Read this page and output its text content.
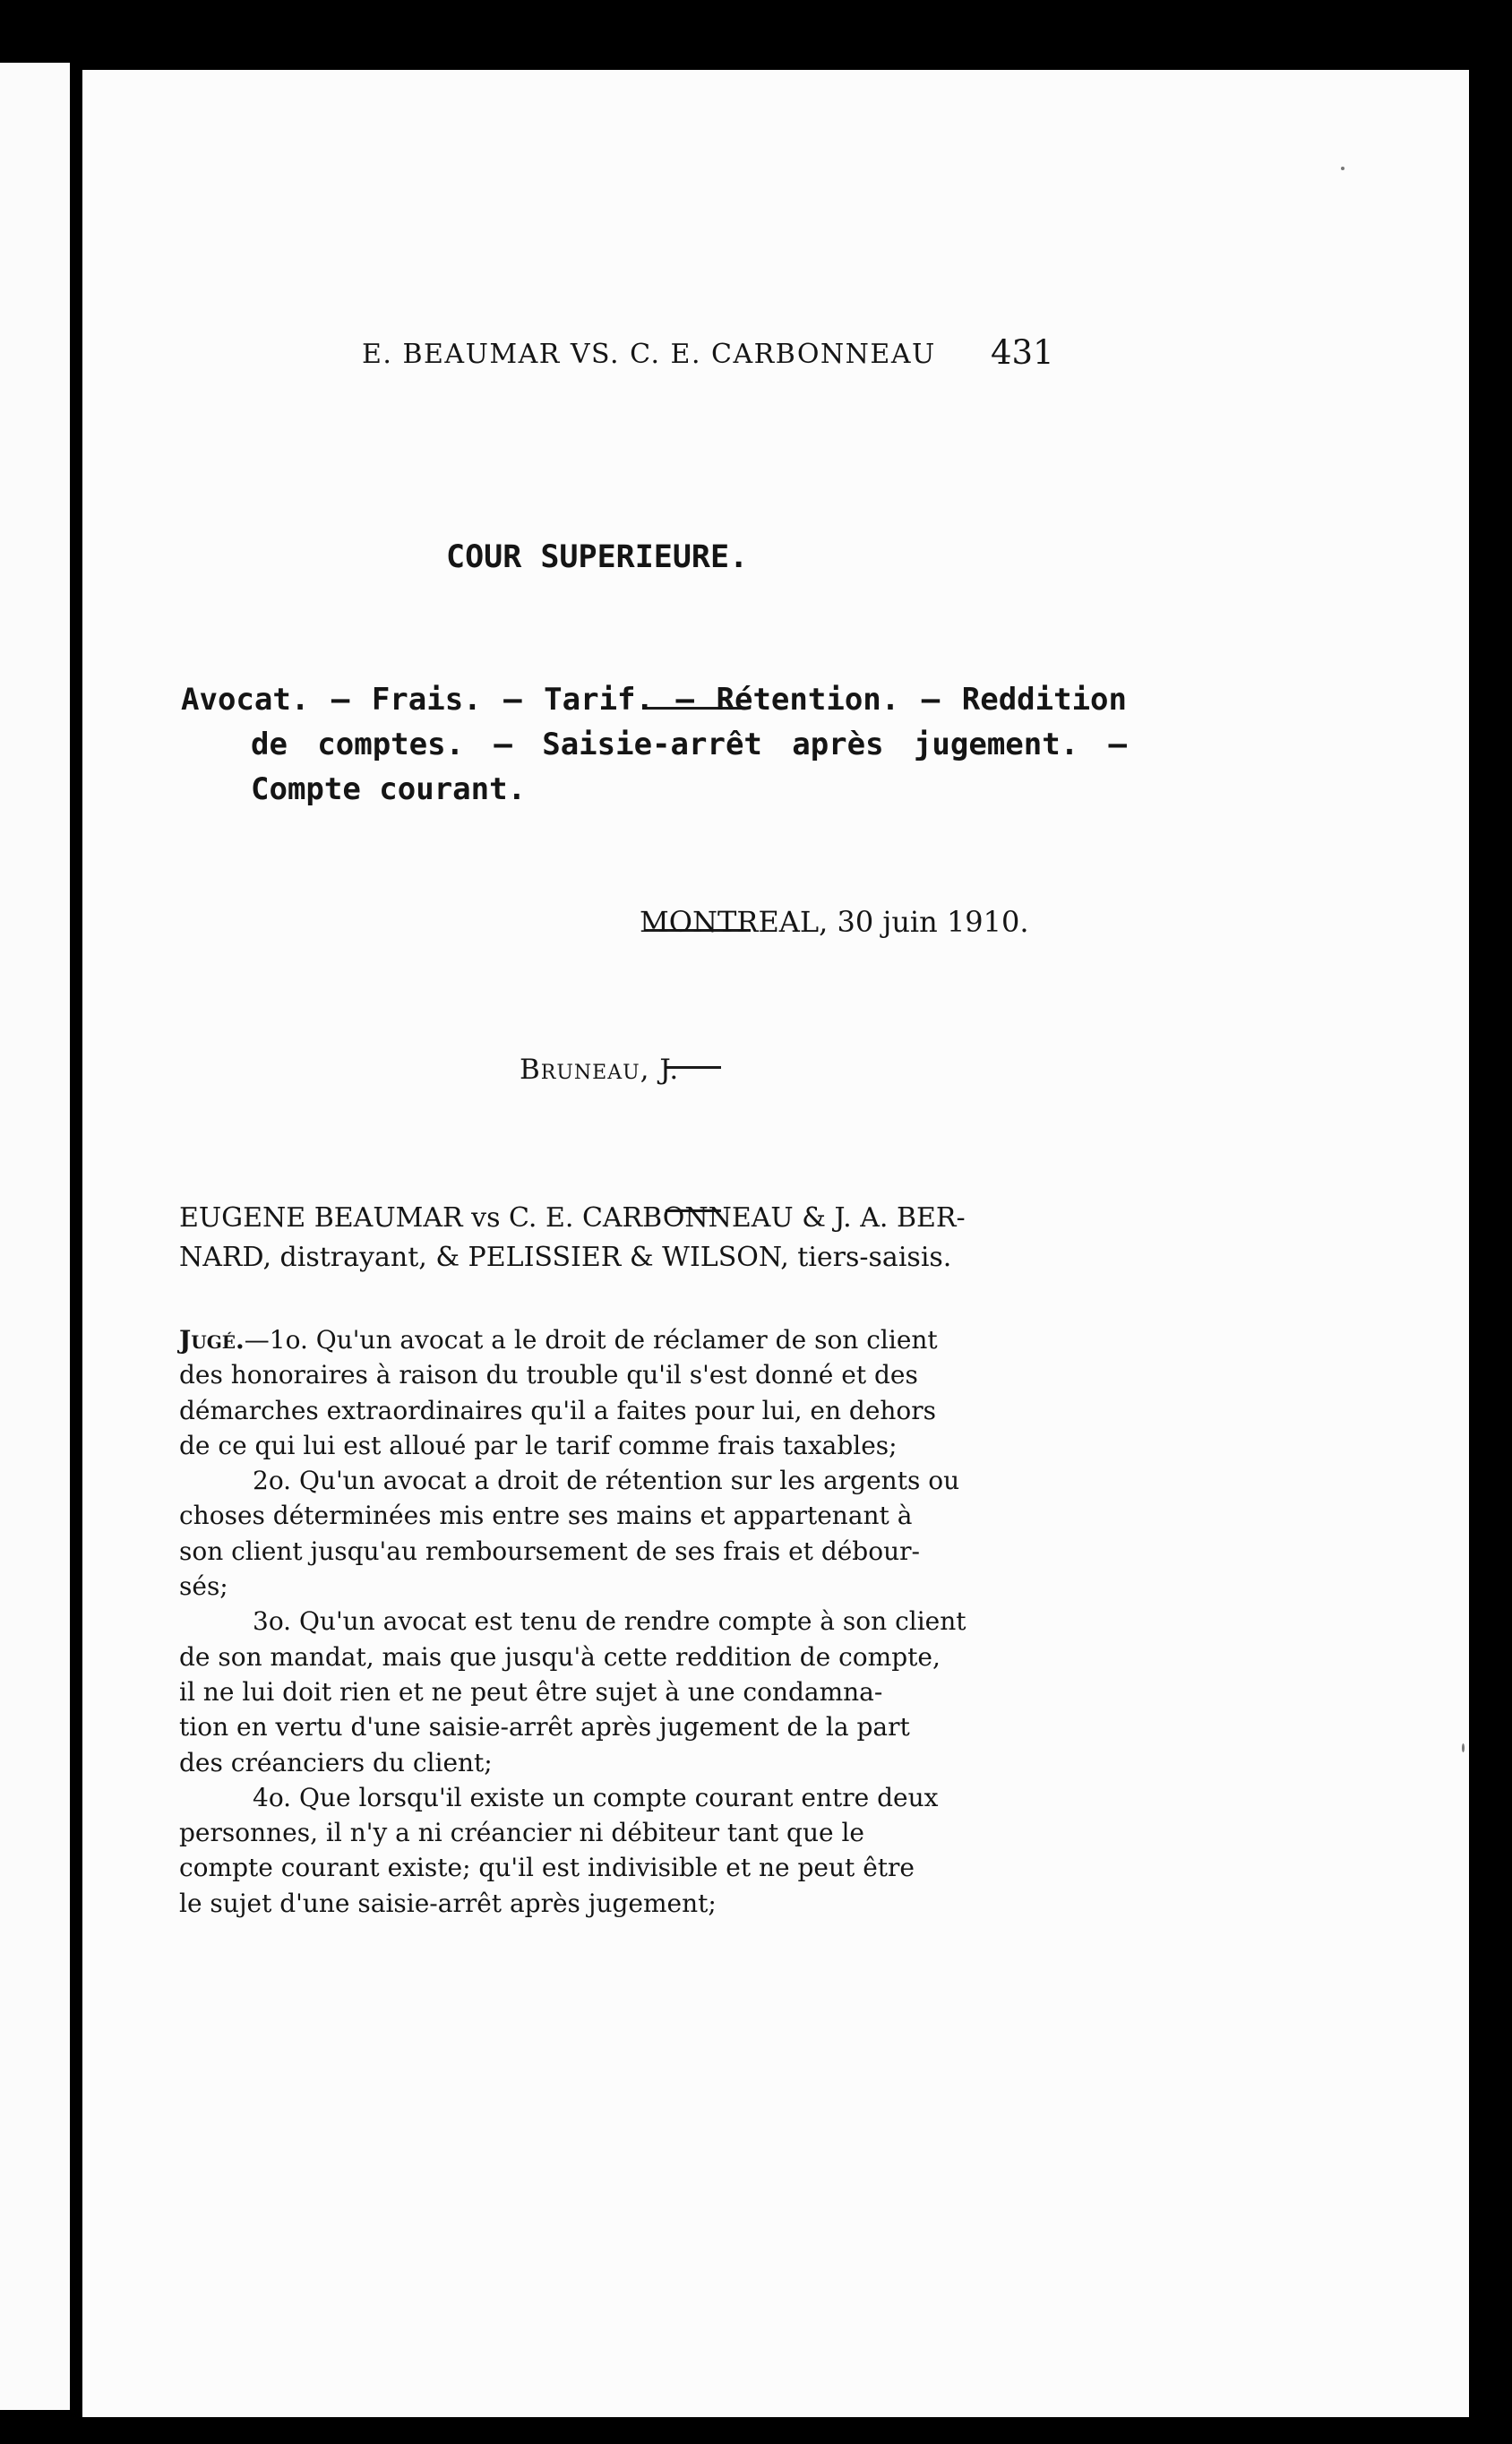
E. BEAUMAR VS. C. E. CARBONNEAU 431
COUR SUPERIEURE.
Avocat. — Frais. — Tarif. — Rétention. — Reddition de comptes. — Saisie-arrêt après jugement. — Compte courant.
MONTREAL, 30 juin 1910.
Bruneau, J.
EUGENE BEAUMAR vs C. E. CARBONNEAU & J. A. BER-
NARD, distrayant, & PELISSIER & WILSON, tiers-saisis.
Jugé.—1o. Qu'un avocat a le droit de réclamer de son client
des honoraires à raison du trouble qu'il s'est donné et des
démarches extraordinaires qu'il a faites pour lui, en dehors
de ce qui lui est alloué par le tarif comme frais taxables;
2o. Qu'un avocat a droit de rétention sur les argents ou
choses déterminées mis entre ses mains et appartenant à
son client jusqu'au remboursement de ses frais et débour-
sés;
3o. Qu'un avocat est tenu de rendre compte à son client
de son mandat, mais que jusqu'à cette reddition de compte,
il ne lui doit rien et ne peut être sujet à une condamna-
tion en vertu d'une saisie-arrêt après jugement de la part
des créanciers du client;
4o. Que lorsqu'il existe un compte courant entre deux
personnes, il n'y a ni créancier ni débiteur tant que le
compte courant existe; qu'il est indivisible et ne peut être
le sujet d'une saisie-arrêt après jugement;
